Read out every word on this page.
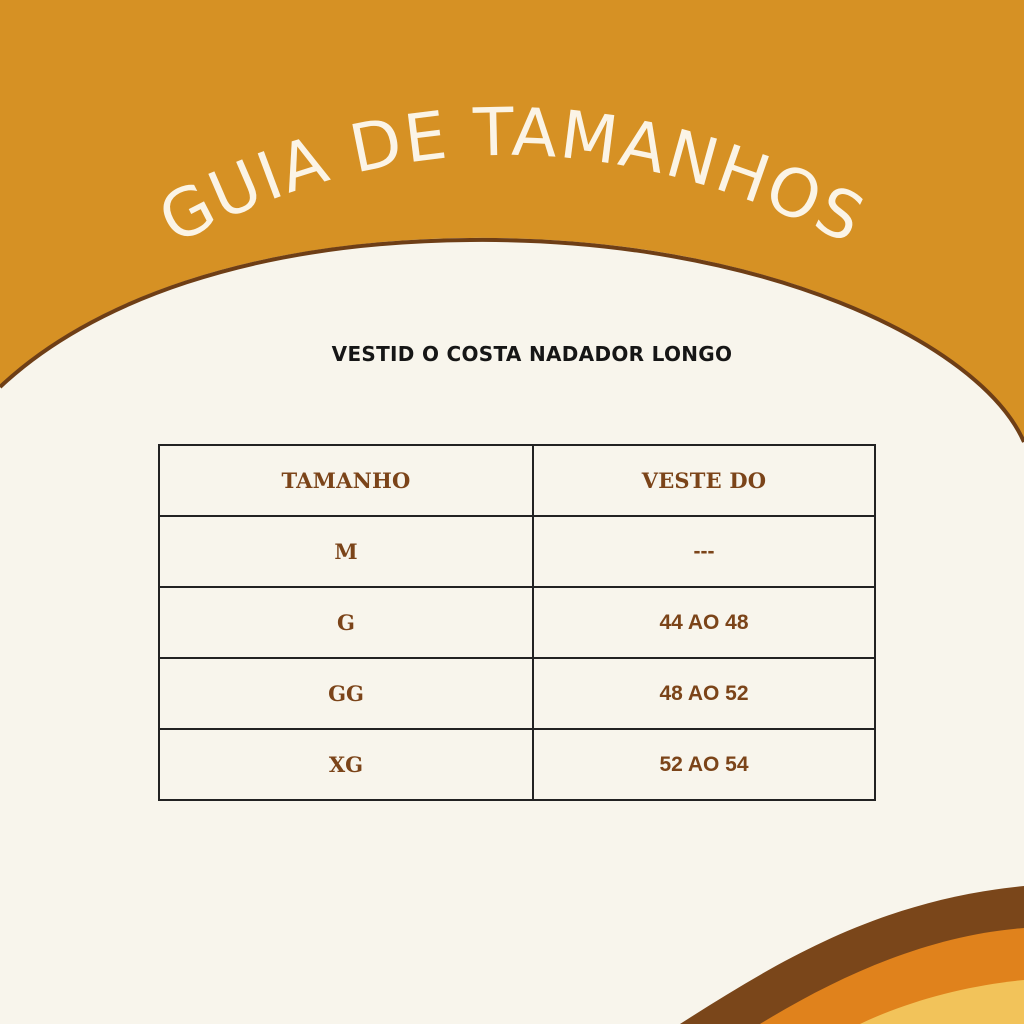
GUIA DE TAMANHOS
VESTID O COSTA NADADOR LONGO
TAMANHO	VESTE DO
M	---
G	44 AO 48
GG	48 AO 52
XG	52 AO 54
